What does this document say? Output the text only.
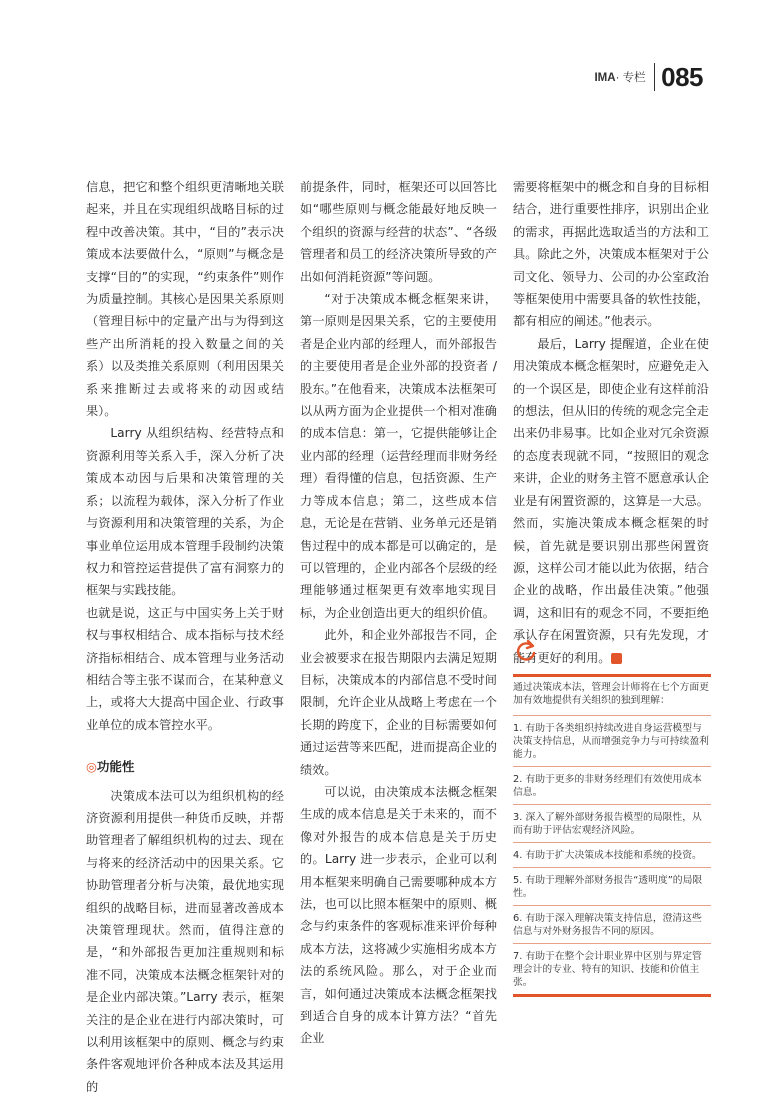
IMA· 专栏 085

信息，把它和整个组织更清晰地关联起来，并且在实现组织战略目标的过程中改善决策。其中，“目的”表示决策成本法要做什么，“原则”与概念是支撑“目的”的实现，“约束条件”则作为质量控制。其核心是因果关系原则（管理目标中的定量产出与为得到这些产出所消耗的投入数量之间的关系）以及类推关系原则（利用因果关系来推断过去或将来的动因或结果）。

Larry 从组织结构、经营特点和资源利用等关系入手，深入分析了决策成本动因与后果和决策管理的关系；以流程为载体，深入分析了作业与资源利用和决策管理的关系，为企事业单位运用成本管理手段制约决策权力和管控运营提供了富有洞察力的框架与实践技能。

也就是说，这正与中国实务上关于财权与事权相结合、成本指标与技术经济指标相结合、成本管理与业务活动相结合等主张不谋而合，在某种意义上，或将大大提高中国企业、行政事业单位的成本管控水平。

◎功能性

决策成本法可以为组织机构的经济资源利用提供一种货币反映，并帮助管理者了解组织机构的过去、现在与将来的经济活动中的因果关系。它协助管理者分析与决策，最优地实现组织的战略目标，进而显著改善成本决策管理现状。然而，值得注意的是，“和外部报告更加注重规则和标准不同，决策成本法概念框架针对的是企业内部决策。”Larry 表示，框架关注的是企业在进行内部决策时，可以利用该框架中的原则、概念与约束条件客观地评价各种成本法及其运用的

前提条件，同时，框架还可以回答比如“哪些原则与概念能最好地反映一个组织的资源与经营的状态”、“各级管理者和员工的经济决策所导致的产出如何消耗资源”等问题。

“对于决策成本概念框架来讲，第一原则是因果关系，它的主要使用者是企业内部的经理人，而外部报告的主要使用者是企业外部的投资者 / 股东。”在他看来，决策成本法框架可以从两方面为企业提供一个相对准确的成本信息：第一，它提供能够让企业内部的经理（运营经理而非财务经理）看得懂的信息，包括资源、生产力等成本信息；第二，这些成本信息，无论是在营销、业务单元还是销售过程中的成本都是可以确定的，是可以管理的，企业内部各个层级的经理能够通过框架更有效率地实现目标，为企业创造出更大的组织价值。

此外，和企业外部报告不同，企业会被要求在报告期限内去满足短期目标，决策成本的内部信息不受时间限制，允许企业从战略上考虑在一个长期的跨度下，企业的目标需要如何通过运营等来匹配，进而提高企业的绩效。

可以说，由决策成本法概念框架生成的成本信息是关于未来的，而不像对外报告的成本信息是关于历史的。Larry 进一步表示，企业可以利用本框架来明确自己需要哪种成本方法，也可以比照本框架中的原则、概念与约束条件的客观标准来评价每种成本方法，这将减少实施相劣成本方法的系统风险。那么，对于企业而言，如何通过决策成本法概念框架找到适合自身的成本计算方法？“首先企业

需要将框架中的概念和自身的目标相结合，进行重要性排序，识别出企业的需求，再据此选取适当的方法和工具。除此之外，决策成本框架对于公司文化、领导力、公司的办公室政治等框架使用中需要具备的软性技能，都有相应的阐述。”他表示。

最后，Larry 提醒道，企业在使用决策成本概念框架时，应避免走入的一个误区是，即使企业有这样前沿的想法，但从旧的传统的观念完全走出来仍非易事。比如企业对冗余资源的态度表现就不同，“按照旧的观念来讲，企业的财务主管不愿意承认企业是有闲置资源的，这算是一大忌。然而，实施决策成本概念框架的时候，首先就是要识别出那些闲置资源，这样公司才能以此为依据，结合企业的战略，作出最佳决策。”他强调，这和旧有的观念不同，不要拒绝承认存在闲置资源，只有先发现，才能有更好的利用。	■

通过决策成本法，管理会计师将在七个方面更加有效地提供有关组织的独到理解：
1. 有助于各类组织持续改进自身运营模型与决策支持信息，从而增强竞争力与可持续盈利能力。
2. 有助于更多的非财务经理们有效使用成本信息。
3. 深入了解外部财务报告模型的局限性，从而有助于评估宏观经济风险。
4. 有助于扩大决策成本技能和系统的投资。
5. 有助于理解外部财务报告“透明度”的局限性。
6. 有助于深入理解决策支持信息，澄清这些信息与对外财务报告不同的原因。
7. 有助于在整个会计职业界中区别与界定管理会计的专业、特有的知识、技能和价值主张。
